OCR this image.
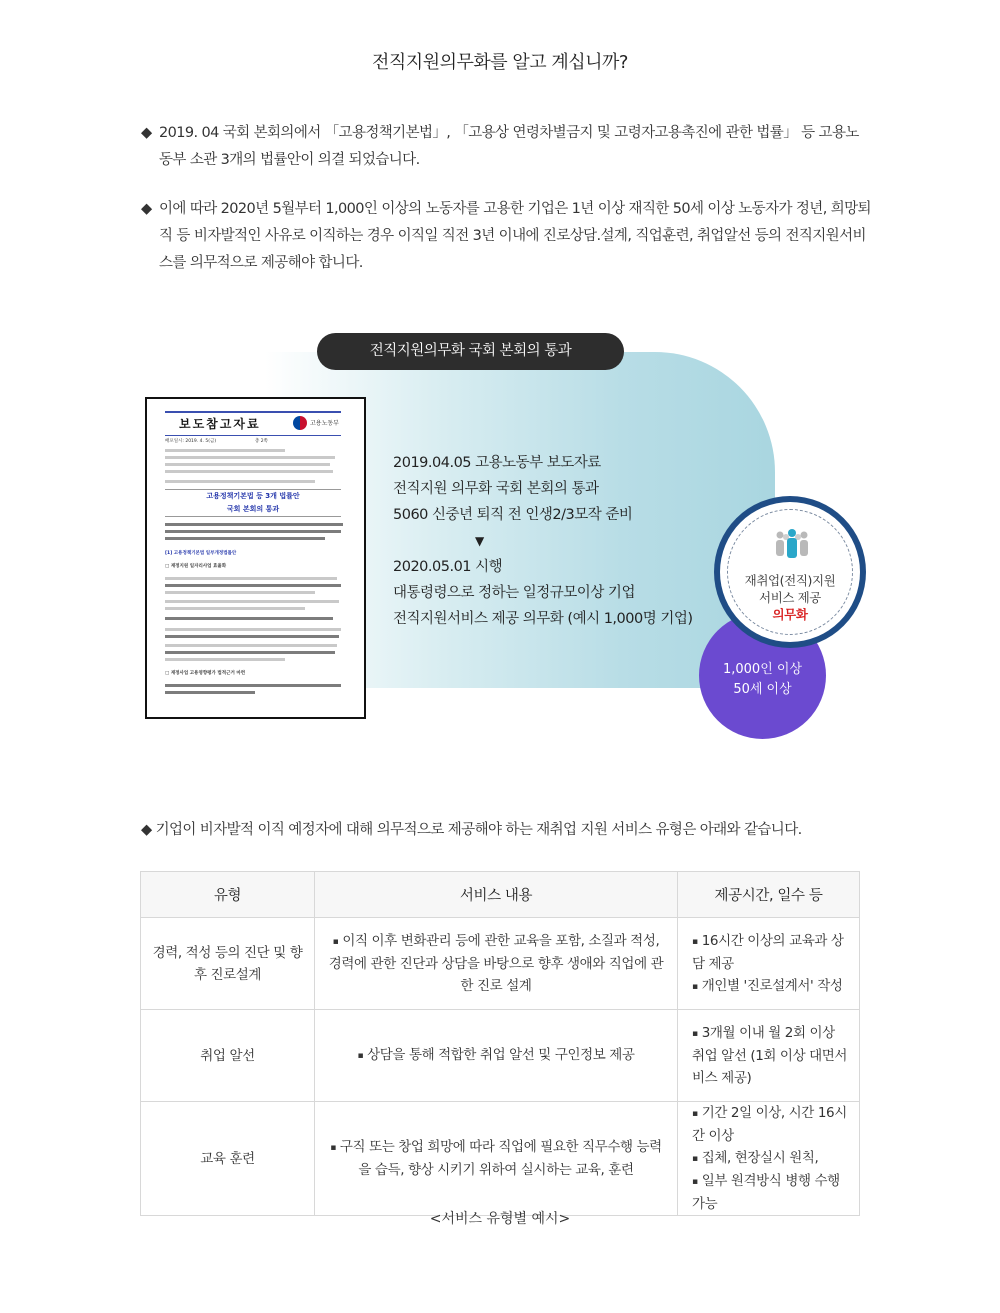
전직지원의무화를 알고 계십니까?

◆ 2019. 04 국회 본회의에서 「고용정책기본법」, 「고용상 연령차별금지 및 고령자고용촉진에 관한 법률」 등 고용노동부 소관 3개의 법률안이 의결 되었습니다.

◆ 이에 따라 2020년 5월부터 1,000인 이상의 노동자를 고용한 기업은 1년 이상 재직한 50세 이상 노동자가 정년, 희망퇴직 등 비자발적인 사유로 이직하는 경우 이직일 직전 3년 이내에 진로상담.설계, 직업훈련, 취업알선 등의 전직지원서비스를 의무적으로 제공해야 합니다.

전직지원의무화 국회 본회의 통과
보도참고자료	고용노동부
배포일시: 2019. 4. 5(금)	총 2쪽
고용정책기본법 등 3개 법률안
국회 본회의 통과
[1] 고용정책기본법 일부개정법률안
□ 재정지원 일자리사업 효율화
□ 재정사업 고용영향평가 법적근거 마련
2019.04.05 고용노동부 보도자료
전직지원 의무화 국회 본회의 통과
5060 신중년 퇴직 전 인생2/3모작 준비
▼
2020.05.01 시행
대통령령으로 정하는 일정규모이상 기업
전직지원서비스 제공 의무화 (예시 1,000명 기업)
1,000인 이상
50세 이상
재취업(전직)지원
서비스 제공
의무화
◆ 기업이 비자발적 이직 예정자에 대해 의무적으로 제공해야 하는 재취업 지원 서비스 유형은 아래와 같습니다.
유형	서비스 내용	제공시간, 일수 등
경력, 적성 등의 진단 및 향후 진로설계	▪ 이직 이후 변화관리 등에 관한 교육을 포함, 소질과 적성, 경력에 관한 진단과 상담을 바탕으로 향후 생애와 직업에 관한 진로 설계	▪ 16시간 이상의 교육과 상담 제공
▪ 개인별 '진로설계서' 작성

취업 알선	▪ 상담을 통해 적합한 취업 알선 및 구인정보 제공	▪ 3개월 이내 월 2회 이상 취업 알선 (1회 이상 대면서비스 제공)

교육 훈련	▪ 구직 또는 창업 희망에 따라 직업에 필요한 직무수행 능력을 습득, 향상 시키기 위하여 실시하는 교육, 훈련	▪ 기간 2일 이상, 시간 16시간 이상
▪ 집체, 현장실시 원칙,
▪ 일부 원격방식 병행 수행 가능
<서비스 유형별 예시>
